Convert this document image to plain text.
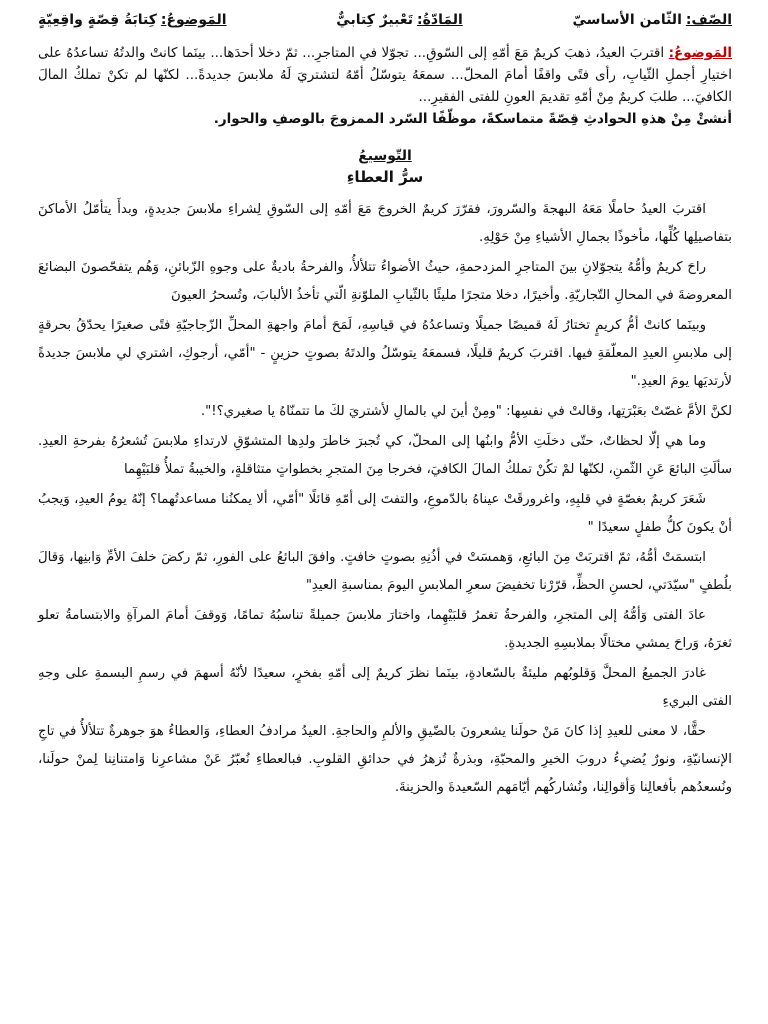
الصّف:
الثّامن الأساسيّ
المَادّةُ:
تَعْبيرٌ كِتابيٌّ
المَوضوعُ:
كِتابَةُ قِصّةٍ واقِعِيّةٍ

المَوضوعُ: اقتربَ العيدُ، ذهبَ كريمٌ مَعَ أمّهِ إلى السّوقِ... تجوّلا في المتاجرِ... ثمّ دخلا أحدَها... بينَما كانتْ والدتُهُ تساعدُهُ على اختيارِ أجملِ الثّيابِ، رأى فتًى واقفًا أمامَ المحلّ... سمعَهُ يتوسّلُ أمّهُ لتشتريَ لَهُ ملابسَ جديدةً... لكنّها لم تكنْ تملكُ المالَ الكافيَ... طلبَ كريمٌ مِنْ أمّهِ تقديمَ العونِ للفتى الفقيرِ...

أنشئْ مِنْ هذهِ الحوادثِ قِصّةً متماسكةً، موظّفًا السّرد الممزوجَ بالوصفِ والحوار.

التّوسيعُ
سرُّ العطاءِ

اقتربَ العيدُ حاملًا مَعَهُ البهجةَ والسّرورَ، فقرّرَ كريمٌ الخروجَ مَعَ أمّهِ إلى السّوقِ لِشراءِ ملابسَ جديدةٍ، وبدأَ يتأمّلُ الأماكنَ بتفاصيلِها كُلِّها، مأخوذًا بجمالِ الأشياءِ مِنْ حَوْلِهِ.

راحَ كريمٌ وأمُّهُ يتجوّلانِ بينَ المتاجرِ المزدحمةِ، حيثُ الأضواءُ تتلألأُ، والفرحةُ باديةٌ على وجوهِ الزّبائنِ، وَهُم يتفحّصونَ البضائعَ المعروضةَ في المحالِ التّجاريّةِ. وأخيرًا، دخلا متجرًا مليئًا بالثّيابِ الملوّنةِ الّتي تأخذُ الألبابَ، وتُسحرُ العيونَ

وبينَما كانتْ أمُّ كريمٍ تختارُ لَهُ قميصًا جميلًا وتساعدُهُ في قياسِهِ، لَمَحَ أمامَ واجهةِ المحلِّ الزّجاجيّةِ فتًى صغيرًا يحدّقُ بحرقةٍ إلى ملابسِ العيدِ المعلّقةِ فيها. اقتربَ كريمٌ قليلًا، فسمعَهُ يتوسّلُ والدتَهُ بصوتٍ حزينٍ - "أمّي، أرجوكِ، اشتري لي ملابسَ جديدةً لأرتديَها يومَ العيدِ."

لكنَّ الأمَّ غصّتْ بعَبْرَتِها، وقالتْ في نفسِها: "ومِنْ أينَ لي بالمالِ لأشتريَ لكَ ما تتمنّاهُ يا صغيري؟!".

وما هي إلّا لحظاتٌ، حتّى دخلَتِ الأمُّ وابنُها إلى المحلّ، كي تُجبرَ خاطرَ ولدِها المتشوّقِ لارتداءِ ملابسَ تُشعرُهُ بفرحةِ العيدِ. سألَتِ البائعَ عَنِ الثّمنِ، لكنّها لمْ تكُنْ تملكُ المالَ الكافيَ، فخرجا مِنَ المتجرِ بخطواتٍ متثاقلةٍ، والخيبةُ تملأُ قلبَيْهِما

شَعَرَ كريمٌ بغصّةٍ في قلبِهِ، واغرورقَتْ عيناهُ بالدّموعِ، والتفتَ إلى أمّهِ قائلًا "أمّي، ألا يمكنُنا مساعدتُهما؟ إنّهُ يومُ العيدِ، وَيجبُ أنْ يكونَ كلُّ طفلٍ سعيدًا "

ابتسمَتْ أمُّهُ، ثمّ اقتربَتْ مِنَ البائعِ، وَهمسَتْ في أذُنِهِ بصوتٍ خافتٍ. وافقَ البائعُ على الفورِ، ثمّ ركضَ خلفَ الأمِّ وَابنِها، وَقالَ بلُطفٍ "سيّدَتي، لحسنِ الحظِّ، قرّرْنا تخفيضَ سعرِ الملابسِ اليومَ بمناسبةِ العيدِ"

عادَ الفتى وَأمُّهُ إلى المتجرِ، والفرحةُ تغمرُ قلبَيْهِما، واختارَ ملابسَ جميلةً تناسبُهُ تمامًا، وَوقفَ أمامَ المرآةِ والابتسامةُ تعلو ثغرَهُ، وَراحَ يمشي مختالًا بملابسِهِ الجديدةِ.

غادرَ الجميعُ المحلَّ وَقلوبُهم مليئةٌ بالسّعادةِ، بينَما نظرَ كريمٌ إلى أمّهِ بفخرٍ، سعيدًا لأنّهُ أسهمَ في رسمِ البسمةِ على وجهِ الفتى البريءِ

حقًّا، لا معنى للعيدِ إذا كانَ مَنْ حولَنا يشعرونَ بالضّيقِ والألمِ والحاجةِ. العيدُ مرادفُ العطاءِ، وَالعطاءُ هوَ جوهرةٌ تتلألأُ في تاجِ الإنسانيّةِ، ونورٌ يُضيءُ دروبَ الخيرِ والمحبّةِ، وبذرةٌ تُزهرُ في حدائقِ القلوبِ. فبالعطاءِ نُعبّرُ عَنْ مشاعرِنا وَامتنانِنا لِمنْ حولَنا، ونُسعدُهم بأفعالِنا وَأقوالِنا، ونُشاركُهم أيّامَهم السّعيدةَ والحزينةَ.
